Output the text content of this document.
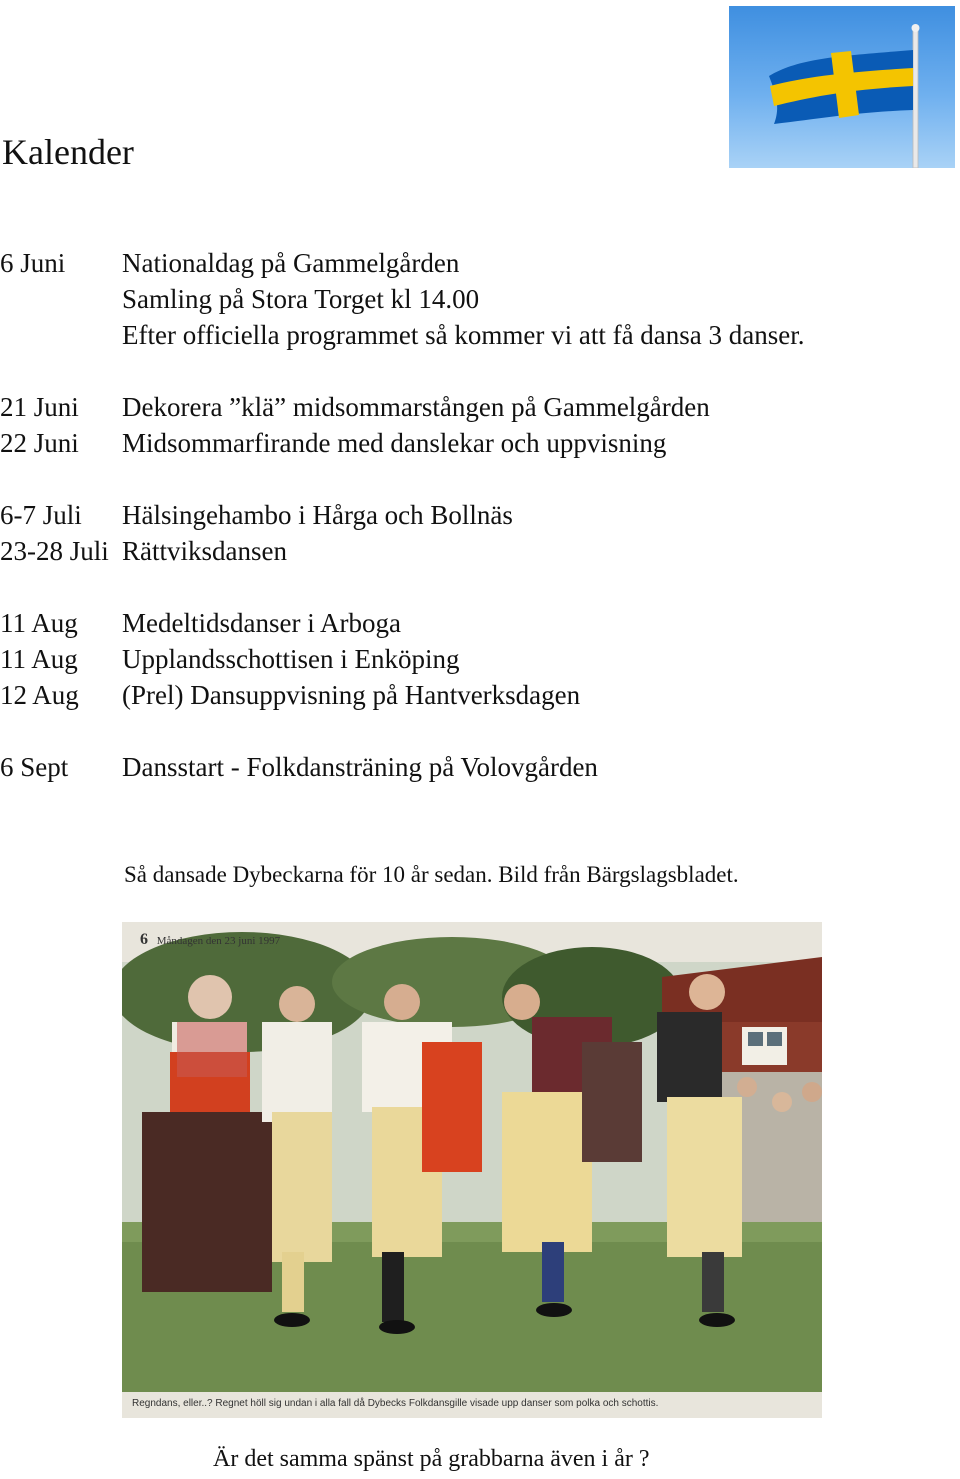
Kalender
6 Juni Nationaldag på Gammelgården
Samling på Stora Torget kl 14.00
Efter officiella programmet så kommer vi att få dansa 3 danser.
21 Juni Dekorera ”klä” midsommarstången på Gammelgården
22 Juni Midsommarfirande med danslekar och uppvisning
6-7 Juli Hälsingehambo i Hårga och Bollnäs
23-28 Juli Rättviksdansen
11 Aug Medeltidsdanser i Arboga
11 Aug Upplandsschottisen i Enköping
12 Aug (Prel) Dansuppvisning på Hantverksdagen
6 Sept Dansstart - Folkdansträning på Volovgården
Så dansade Dybeckarna för 10 år sedan. Bild från Bärgslagsbladet.
6 Måndagen den 23 juni 1997
Regndans, eller..? Regnet höll sig undan i alla fall då Dybecks Folkdansgille visade upp danser som polka och schottis.
Är det samma spänst på grabbarna även i år ?
